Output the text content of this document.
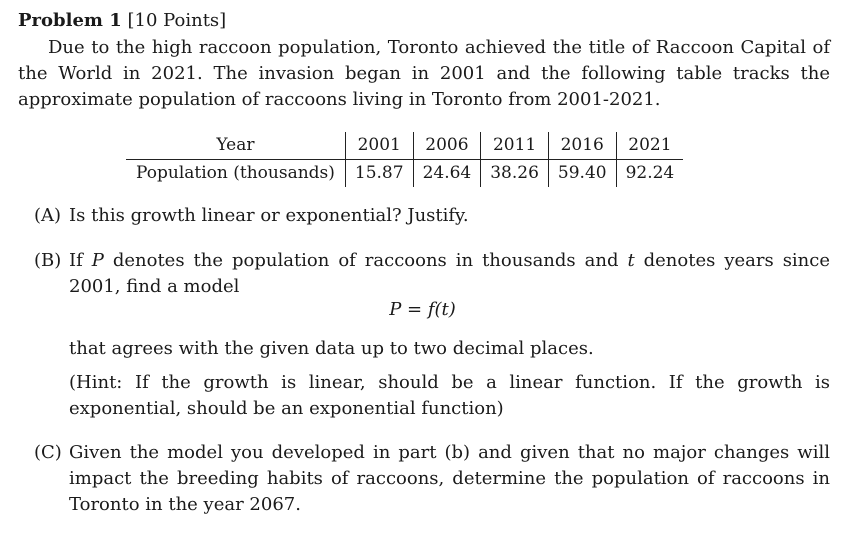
Problem 1 [10 Points]

Due to the high raccoon population, Toronto achieved the title of Raccoon Capital of the World in 2021. The invasion began in 2001 and the following table tracks the approximate population of raccoons living in Toronto from 2001-2021.

Year	2001	2006	2011	2016	2021
Population (thousands)	15.87	24.64	38.26	59.40	92.24
(A) Is this growth linear or exponential? Justify.
(B) If P denotes the population of raccoons in thousands and t denotes years since 2001, find a model
P = f(t)

that agrees with the given data up to two decimal places.

(Hint: If the growth is linear, should be a linear function. If the growth is exponential, should be an exponential function)

(C) Given the model you developed in part (b) and given that no major changes will impact the breeding habits of raccoons, determine the population of raccoons in Toronto in the year 2067.
